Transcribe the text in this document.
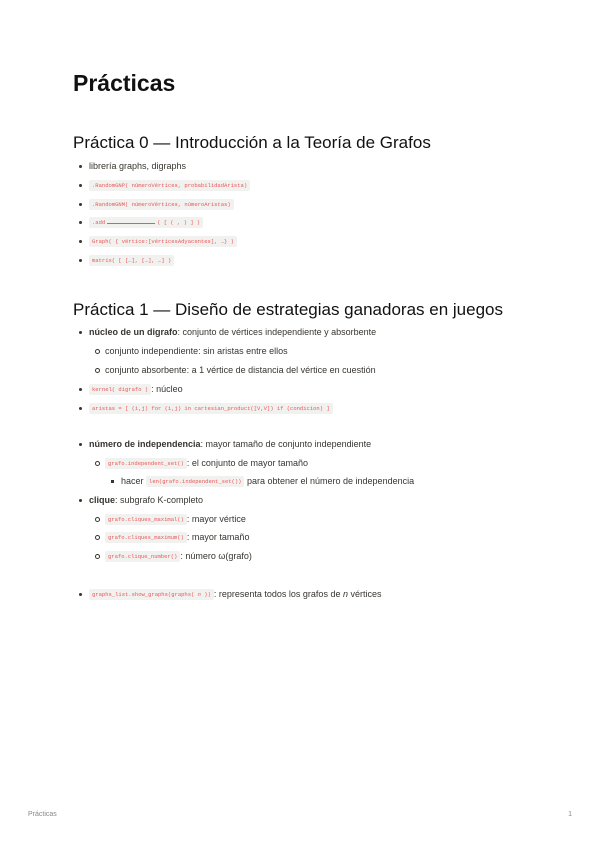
Prácticas
Práctica 0 — Introducción a la Teoría de Grafos
librería graphs, digraphs
.RandomGNP( númeroVértices, probabilidadArista)
.RandomGNM( númeroVértices, númeroAristas)
.add	( [ ( , ) ] )
Graph( { vértice:[vérticesAdyacentes], …} )
matrix( [ […], […], …] )
Práctica 1 — Diseño de estrategias ganadoras en juegos
núcleo de un digrafo: conjunto de vértices independiente y absorbente
conjunto independiente: sin aristas entre ellos
conjunto absorbente: a 1 vértice de distancia del vértice en cuestión
kernel( digrafo ) : núcleo
aristas = [ (i,j) for (i,j) in cartesian_product([V,V]) if (condicion) ]
número de independencia: mayor tamaño de conjunto independiente
grafo.independent_set() : el conjunto de mayor tamaño
hacer len(grafo.independent_set()) para obtener el número de independencia
clique: subgrafo K-completo
grafo.cliques_maximal() : mayor vértice
grafo.cliques_maximum() : mayor tamaño
grafo.clique_number() : número ω(grafo)
graphs_list.show_graphs(graphs( n )) : representa todos los grafos de n vértices
Prácticas	1
